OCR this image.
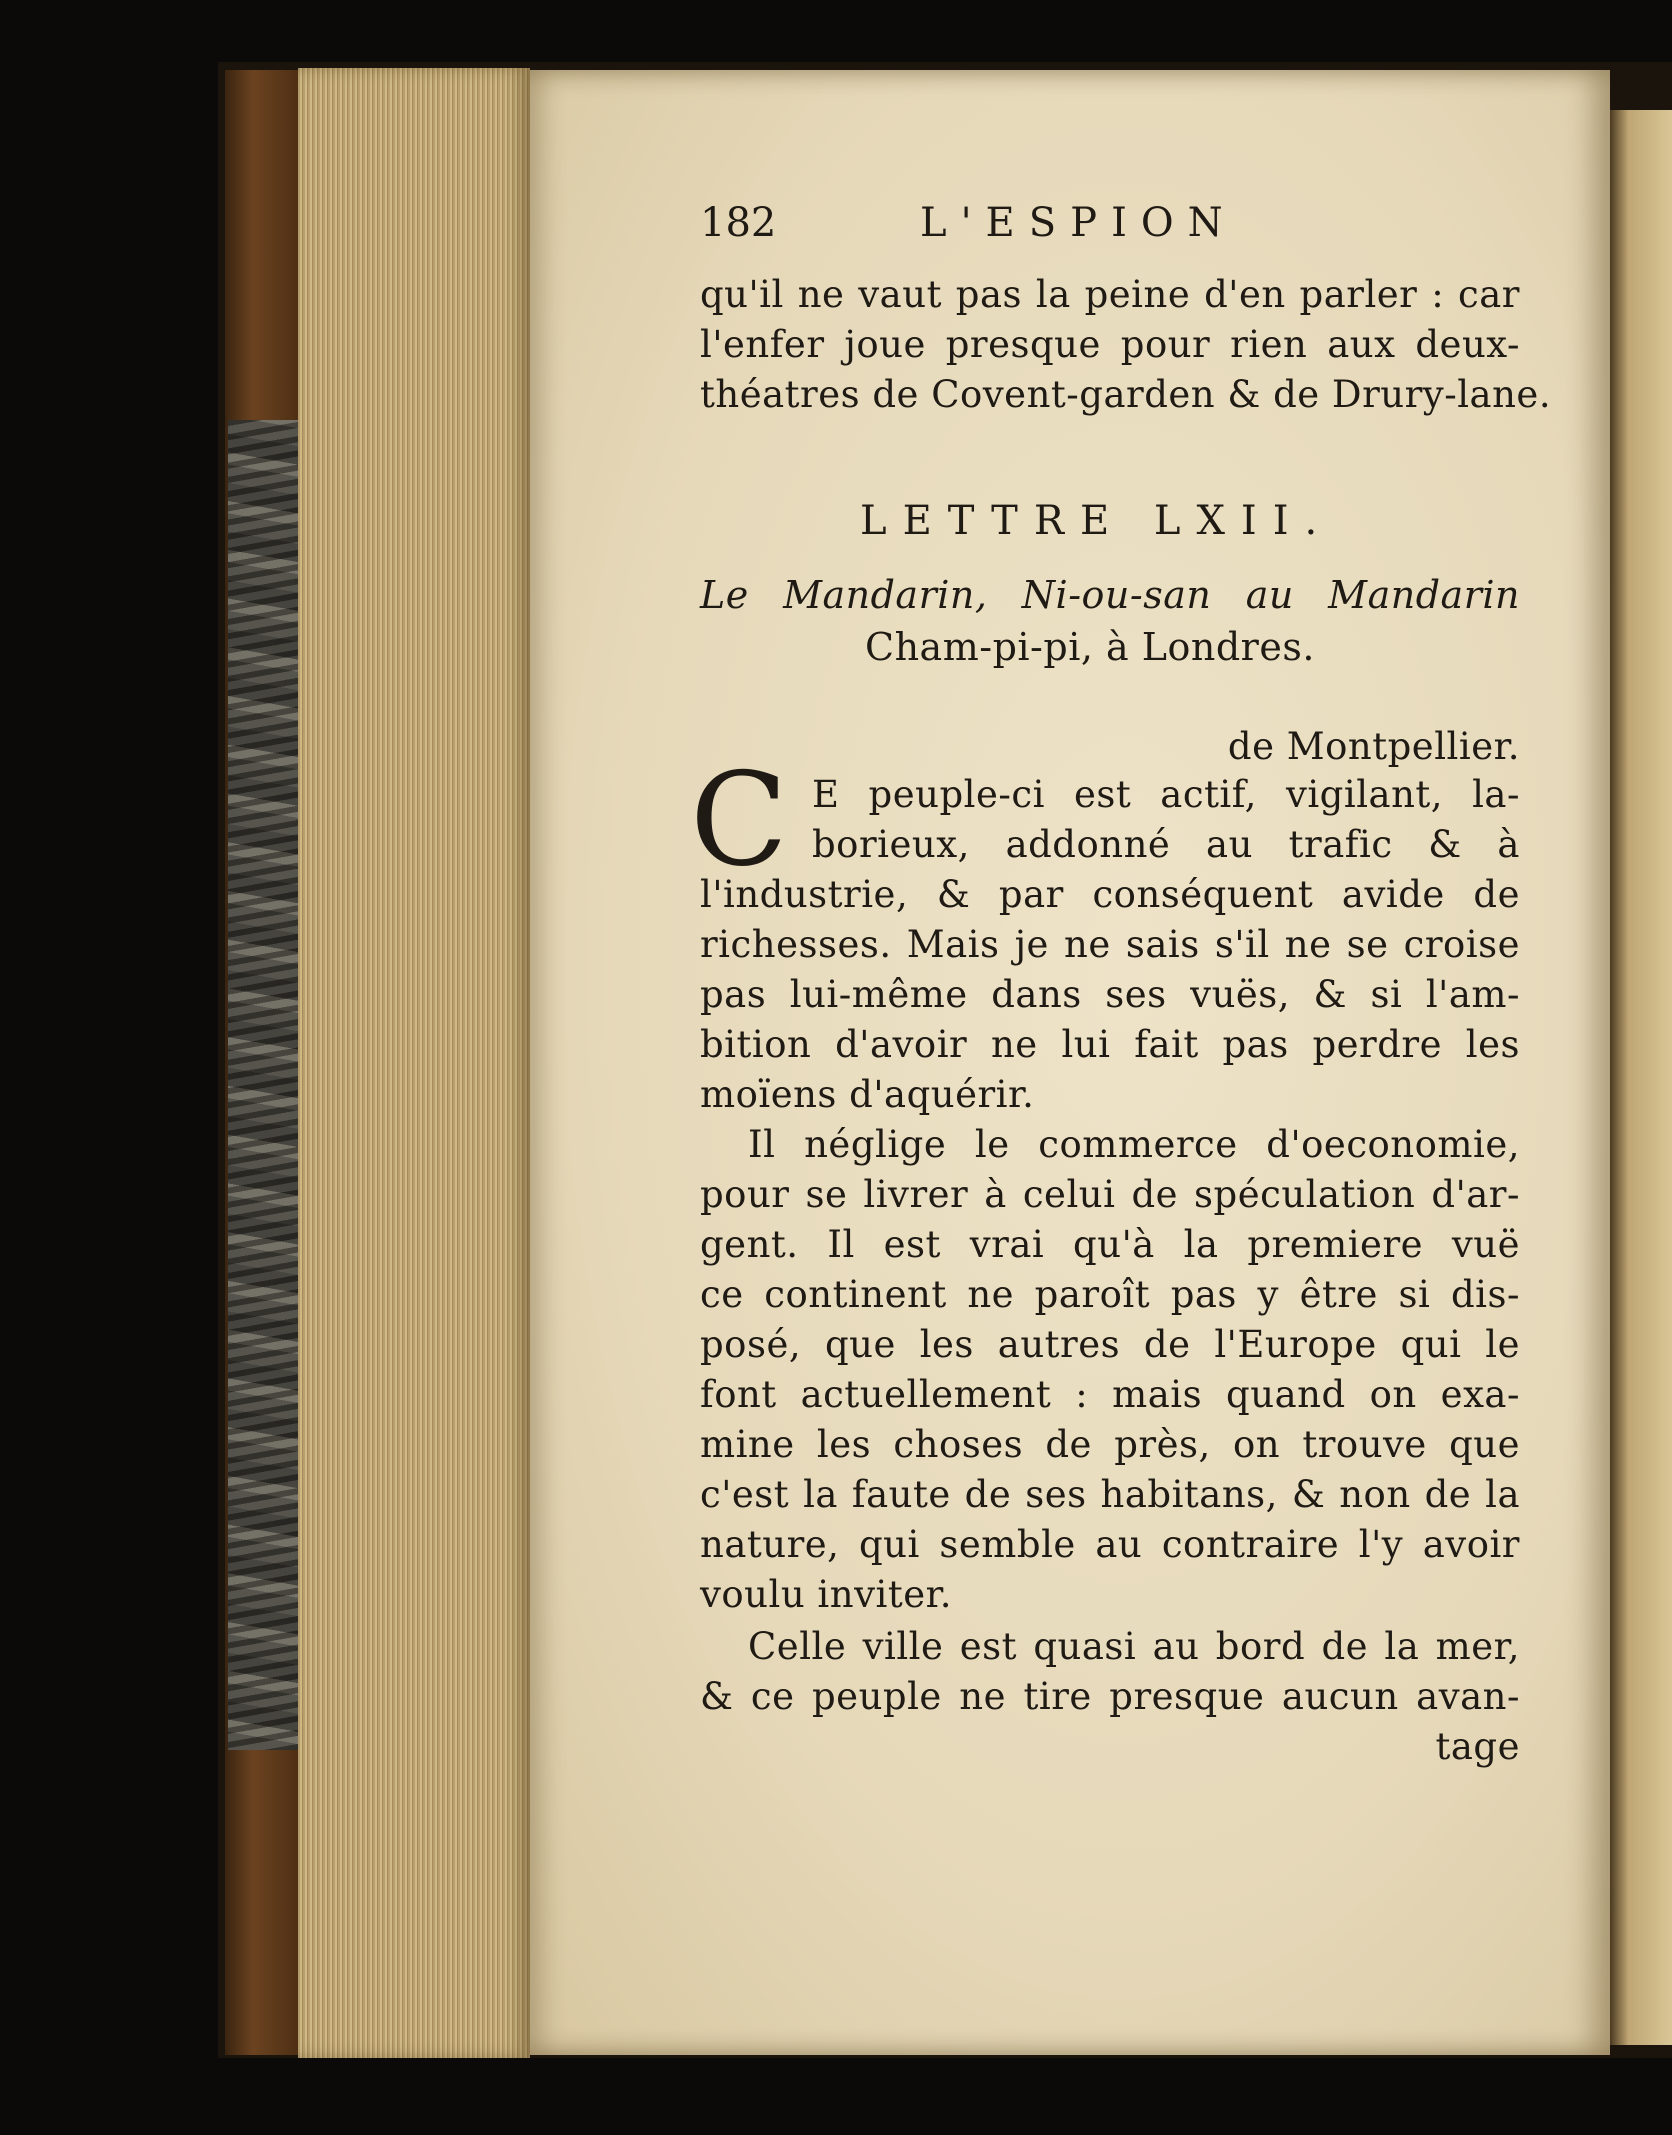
182	L'ESPION
qu'il ne vaut pas la peine d'en parler : car
l'enfer joue presque pour rien aux deux-
théatres de Covent-garden & de Drury-lane.
LETTRE LXII.
Le Mandarin, Ni-ou-san au Mandarin
Cham-pi-pi, à Londres.
de Montpellier.
C E peuple-ci est actif, vigilant, la-
borieux, addonné au trafic & à
l'industrie, & par conséquent avide de
richesses. Mais je ne sais s'il ne se croise
pas lui-même dans ses vuës, & si l'am-
bition d'avoir ne lui fait pas perdre les
moïens d'aquérir.
Il néglige le commerce d'oeconomie,
pour se livrer à celui de spéculation d'ar-
gent. Il est vrai qu'à la premiere vuë
ce continent ne paroît pas y être si dis-
posé, que les autres de l'Europe qui le
font actuellement : mais quand on exa-
mine les choses de près, on trouve que
c'est la faute de ses habitans, & non de la
nature, qui semble au contraire l'y avoir
voulu inviter.
Celle ville est quasi au bord de la mer,
& ce peuple ne tire presque aucun avan-
tage
